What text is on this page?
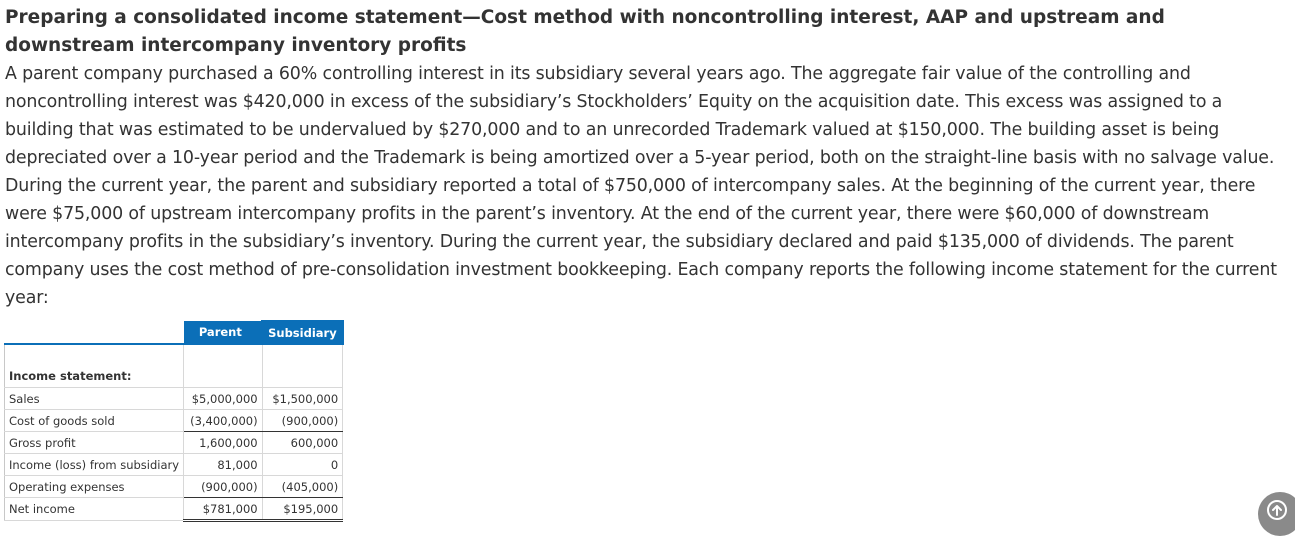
Preparing a consolidated income statement—Cost method with noncontrolling interest, AAP and upstream and downstream intercompany inventory profits

A parent company purchased a 60% controlling interest in its subsidiary several years ago. The aggregate fair value of the controlling and noncontrolling interest was $420,000 in excess of the subsidiary’s Stockholders’ Equity on the acquisition date. This excess was assigned to a building that was estimated to be undervalued by $270,000 and to an unrecorded Trademark valued at $150,000. The building asset is being depreciated over a 10-year period and the Trademark is being amortized over a 5-year period, both on the straight-line basis with no salvage value. During the current year, the parent and subsidiary reported a total of $750,000 of intercompany sales. At the beginning of the current year, there were $75,000 of upstream intercompany profits in the parent’s inventory. At the end of the current year, there were $60,000 of downstream intercompany profits in the subsidiary’s inventory. During the current year, the subsidiary declared and paid $135,000 of dividends. The parent company uses the cost method of pre-consolidation investment bookkeeping. Each company reports the following income statement for the current year:

	Parent	Subsidiary
Income statement:		
Sales	$5,000,000	$1,500,000
Cost of goods sold	(3,400,000)	(900,000)
Gross profit	1,600,000	600,000
Income (loss) from subsidiary	81,000	0
Operating expenses	(900,000)	(405,000)
Net income	$781,000	$195,000
